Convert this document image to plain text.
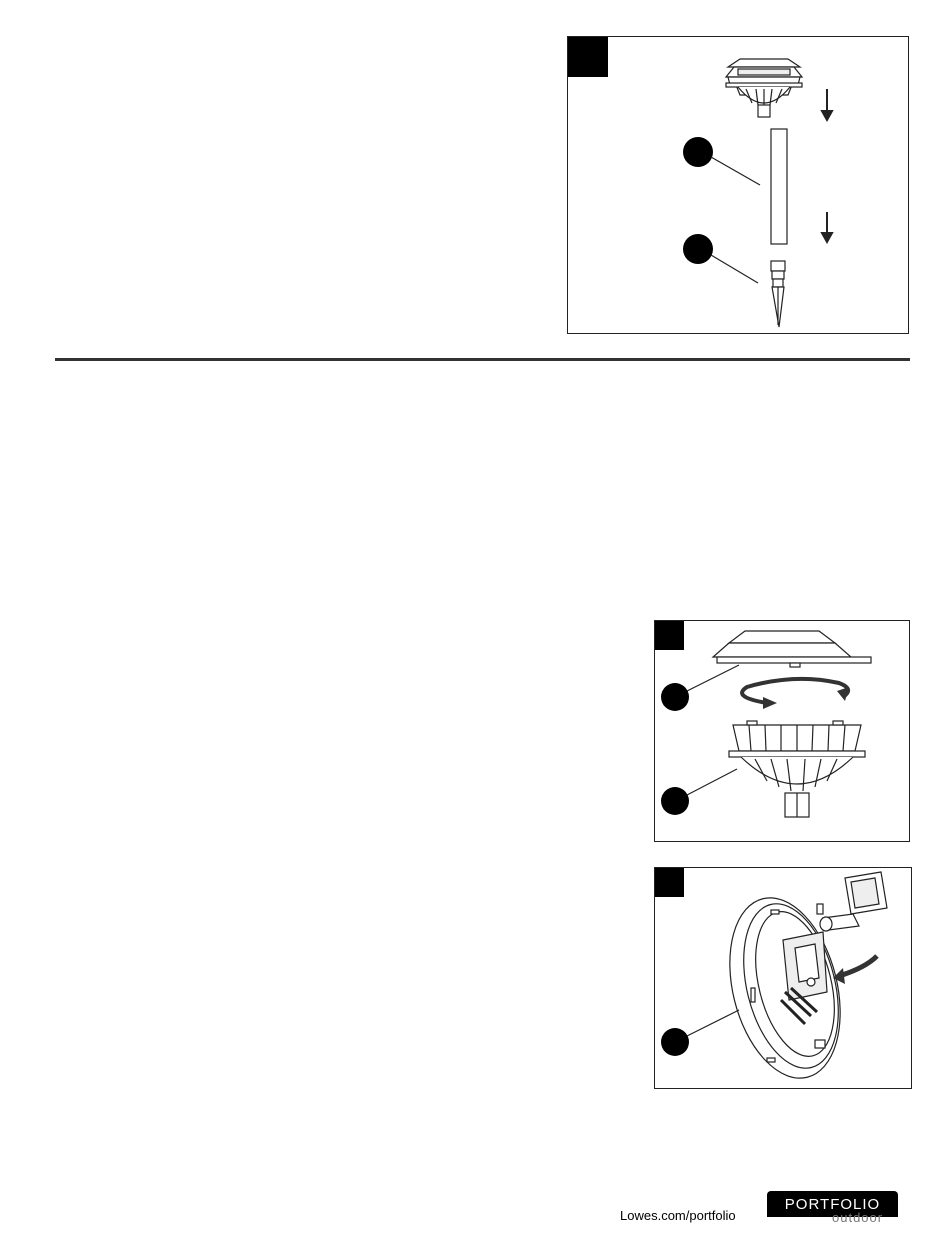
Lowes.com/portfolio
PORTFOLIO
outdoor
